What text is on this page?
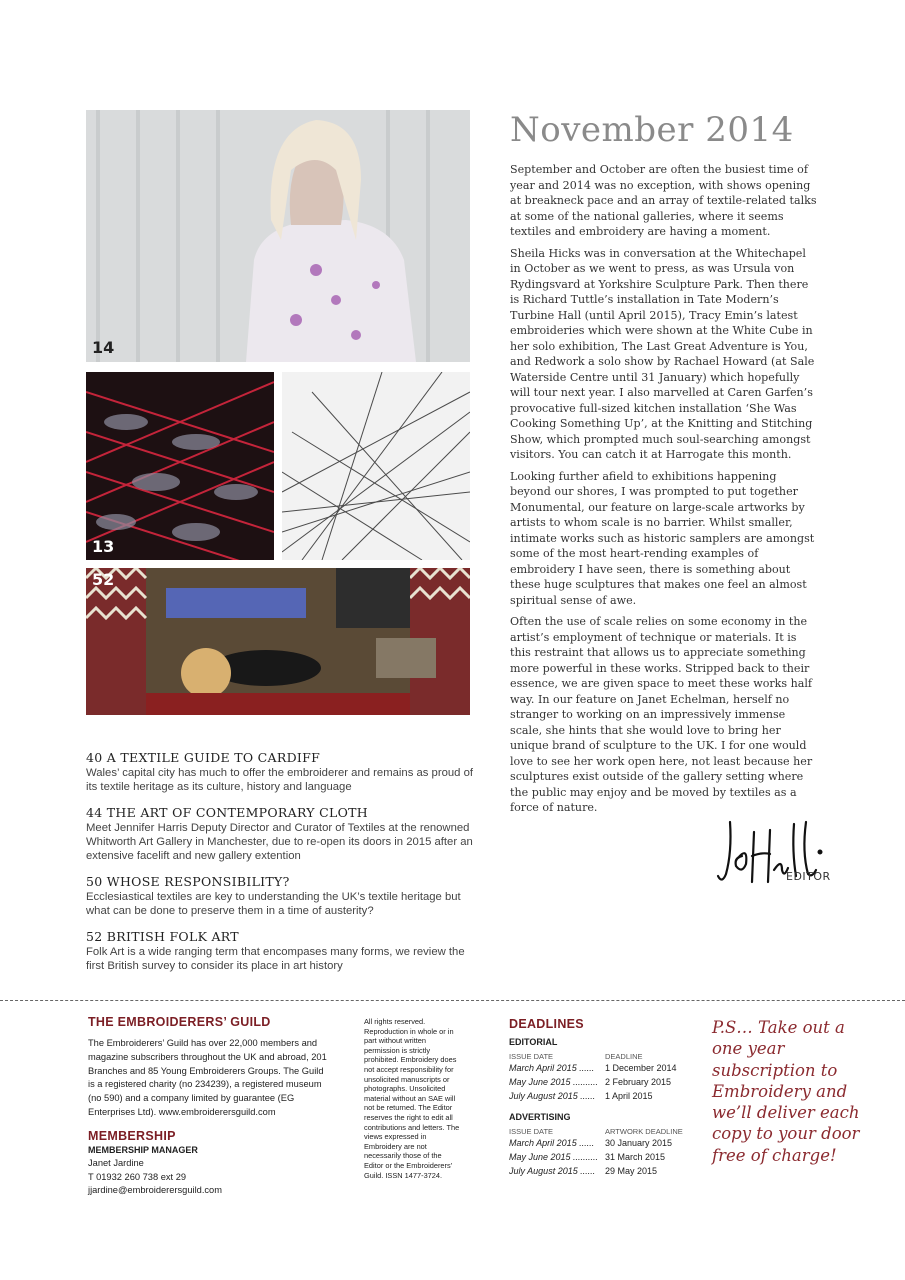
14
13
52
November 2014

September and October are often the busiest time of year and 2014 was no exception, with shows opening at breakneck pace and an array of textile-related talks at some of the national galleries, where it seems textiles and embroidery are having a moment.

Sheila Hicks was in conversation at the Whitechapel in October as we went to press, as was Ursula von Rydingsvard at Yorkshire Sculpture Park. Then there is Richard Tuttle’s installation in Tate Modern’s Turbine Hall (until April 2015), Tracy Emin’s latest embroideries which were shown at the White Cube in her solo exhibition, The Last Great Adventure is You, and Redwork a solo show by Rachael Howard (at Sale Waterside Centre until 31 January) which hopefully will tour next year. I also marvelled at Caren Garfen’s provocative full-sized kitchen installation ‘She Was Cooking Something Up’, at the Knitting and Stitching Show, which prompted much soul-searching amongst visitors. You can catch it at Harrogate this month.

Looking further afield to exhibitions happening beyond our shores, I was prompted to put together Monumental, our feature on large-scale artworks by artists to whom scale is no barrier. Whilst smaller, intimate works such as historic samplers are amongst some of the most heart-rending examples of embroidery I have seen, there is something about these huge sculptures that makes one feel an almost spiritual sense of awe.

Often the use of scale relies on some economy in the artist’s employment of technique or materials. It is this restraint that allows us to appreciate something more powerful in these works. Stripped back to their essence, we are given space to meet these works half way. In our feature on Janet Echelman, herself no stranger to working on an impressively immense scale, she hints that she would love to bring her unique brand of sculpture to the UK. I for one would love to see her work open here, not least because her sculptures exist outside of the gallery setting where the public may enjoy and be moved by textiles as a force of nature.

EDITOR
40 A TEXTILE GUIDE TO CARDIFF
Wales’ capital city has much to offer the embroiderer and remains as proud of its textile heritage as its culture, history and language
44 THE ART OF CONTEMPORARY CLOTH
Meet Jennifer Harris Deputy Director and Curator of Textiles at the renowned Whitworth Art Gallery in Manchester, due to re-open its doors in 2015 after an extensive facelift and new gallery extention
50 WHOSE RESPONSIBILITY?
Ecclesiastical textiles are key to understanding the UK’s textile heritage but what can be done to preserve them in a time of austerity?
52 BRITISH FOLK ART
Folk Art is a wide ranging term that encompases many forms, we review the first British survey to consider its place in art history
THE EMBROIDERERS’ GUILD
The Embroiderers’ Guild has over 22,000 members and magazine subscribers throughout the UK and abroad, 201 Branches and 85 Young Embroiderers Groups. The Guild is a registered charity (no 234239), a registered museum (no 590) and a company limited by guarantee (EG Enterprises Ltd). www.embroiderersguild.com
MEMBERSHIP
MEMBERSHIP MANAGER
Janet Jardine
T 01932 260 738 ext 29
jjardine@embroiderersguild.com
All rights reserved. Reproduction in whole or in part without written permission is strictly prohibited. Embroidery does not accept responsibility for unsolicited manuscripts or photographs. Unsolicited material without an SAE will not be returned. The Editor reserves the right to edit all contributions and letters. The views expressed in Embroidery are not necessarily those of the Editor or the Embroiderers’ Guild. ISSN 1477-3724.
DEADLINES
EDITORIAL
ISSUE DATE	DEADLINE
March April 2015 ......	1 December 2014
May June 2015 .......... 2 February 2015
July August 2015 ......	1 April 2015
ADVERTISING
ISSUE DATE	ARTWORK DEADLINE
March April 2015 ......	30 January 2015
May June 2015 .......... 31 March 2015
July August 2015 ......	29 May 2015
P.S… Take out a one year subscription to Embroidery and we’ll deliver each copy to your door free of charge!
